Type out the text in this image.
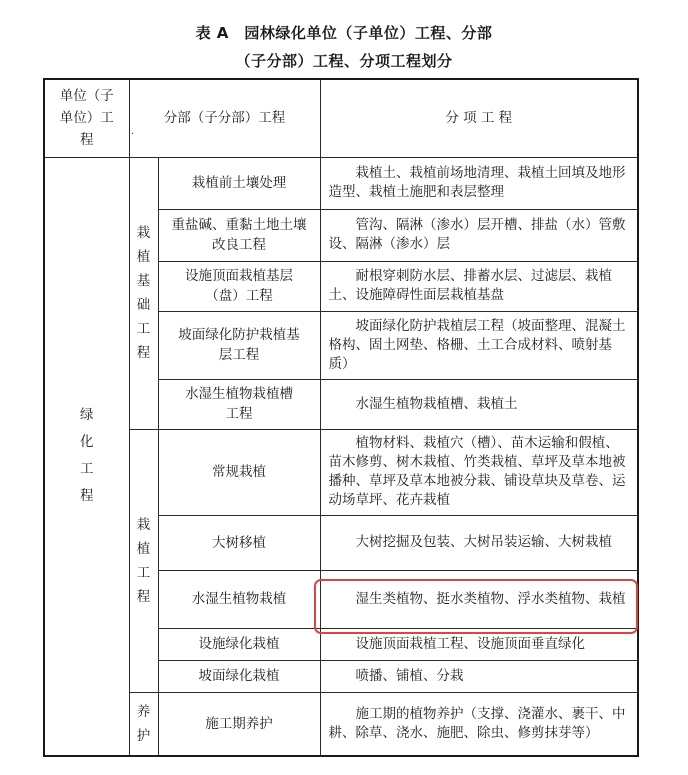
表 A　园林绿化单位（子单位）工程、分部
（子分部）工程、分项工程划分
单位（子单位）工程	分部（子分部）工程		分 项 工 程

绿化工程	栽植基础工程	栽植前土壤处理	栽植土、栽植前场地清理、栽植土回填及地形造型、栽植土施肥和表层整理

		重盐碱、重黏土地土壤改良工程	管沟、隔淋（渗水）层开槽、排盐（水）管敷设、隔淋（渗水）层

		设施顶面栽植基层（盘）工程	耐根穿刺防水层、排蓄水层、过滤层、栽植土、设施障碍性面层栽植基盘

		坡面绿化防护栽植基层工程	坡面绿化防护栽植层工程（坡面整理、混凝土格构、固土网垫、格栅、土工合成材料、喷射基质）

		水湿生植物栽植槽工程	水湿生植物栽植槽、栽植土

	栽植工程	常规栽植	植物材料、栽植穴（槽）、苗木运输和假植、苗木修剪、树木栽植、竹类栽植、草坪及草本地被播种、草坪及草本地被分栽、铺设草块及草卷、运动场草坪、花卉栽植

		大树移植	大树挖掘及包装、大树吊装运输、大树栽植

		水湿生植物栽植	湿生类植物、挺水类植物、浮水类植物、栽植

		设施绿化栽植	设施顶面栽植工程、设施顶面垂直绿化

		坡面绿化栽植	喷播、铺植、分栽

	养护	施工期养护	施工期的植物养护（支撑、浇灌水、裹干、中耕、除草、浇水、施肥、除虫、修剪抹芽等）
.
